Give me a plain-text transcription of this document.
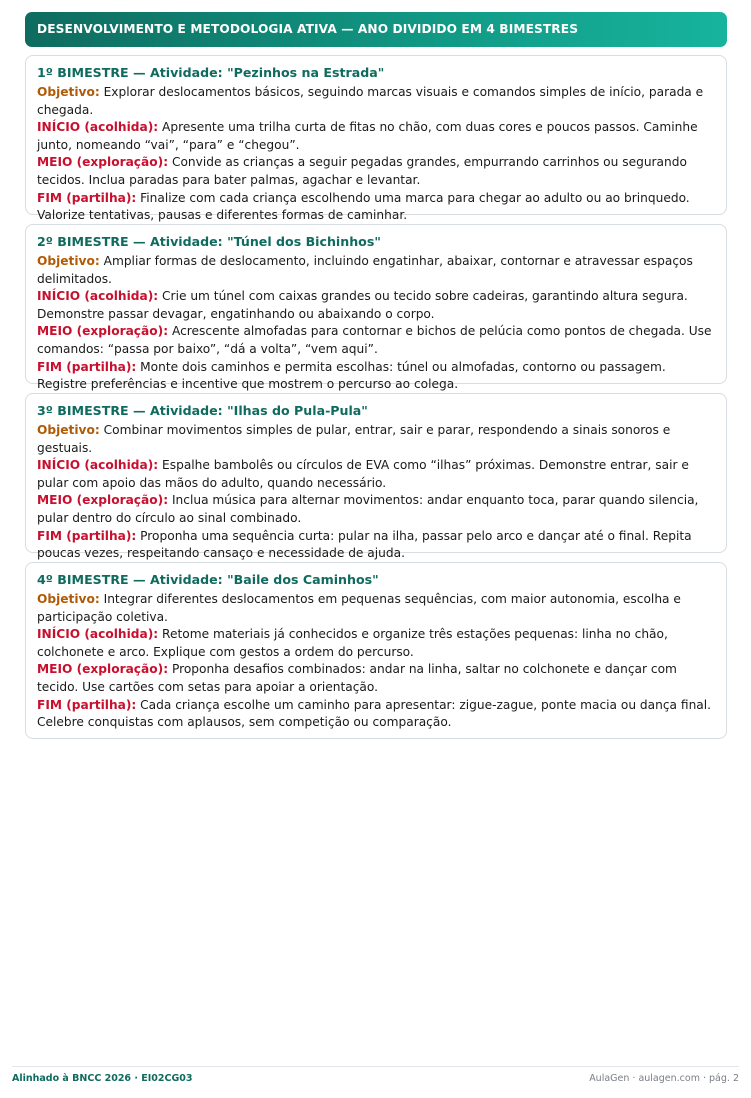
DESENVOLVIMENTO E METODOLOGIA ATIVA — ANO DIVIDIDO EM 4 BIMESTRES
1º BIMESTRE — Atividade: "Pezinhos na Estrada"

Objetivo: Explorar deslocamentos básicos, seguindo marcas visuais e comandos simples de início, parada e chegada.

INÍCIO (acolhida): Apresente uma trilha curta de fitas no chão, com duas cores e poucos passos. Caminhe junto, nomeando “vai”, “para” e “chegou”.

MEIO (exploração): Convide as crianças a seguir pegadas grandes, empurrando carrinhos ou segurando tecidos. Inclua paradas para bater palmas, agachar e levantar.

FIM (partilha): Finalize com cada criança escolhendo uma marca para chegar ao adulto ou ao brinquedo. Valorize tentativas, pausas e diferentes formas de caminhar.

2º BIMESTRE — Atividade: "Túnel dos Bichinhos"

Objetivo: Ampliar formas de deslocamento, incluindo engatinhar, abaixar, contornar e atravessar espaços delimitados.

INÍCIO (acolhida): Crie um túnel com caixas grandes ou tecido sobre cadeiras, garantindo altura segura. Demonstre passar devagar, engatinhando ou abaixando o corpo.

MEIO (exploração): Acrescente almofadas para contornar e bichos de pelúcia como pontos de chegada. Use comandos: “passa por baixo”, “dá a volta”, “vem aqui”.

FIM (partilha): Monte dois caminhos e permita escolhas: túnel ou almofadas, contorno ou passagem. Registre preferências e incentive que mostrem o percurso ao colega.

3º BIMESTRE — Atividade: "Ilhas do Pula-Pula"

Objetivo: Combinar movimentos simples de pular, entrar, sair e parar, respondendo a sinais sonoros e gestuais.

INÍCIO (acolhida): Espalhe bambolês ou círculos de EVA como “ilhas” próximas. Demonstre entrar, sair e pular com apoio das mãos do adulto, quando necessário.

MEIO (exploração): Inclua música para alternar movimentos: andar enquanto toca, parar quando silencia, pular dentro do círculo ao sinal combinado.

FIM (partilha): Proponha uma sequência curta: pular na ilha, passar pelo arco e dançar até o final. Repita poucas vezes, respeitando cansaço e necessidade de ajuda.

4º BIMESTRE — Atividade: "Baile dos Caminhos"

Objetivo: Integrar diferentes deslocamentos em pequenas sequências, com maior autonomia, escolha e participação coletiva.

INÍCIO (acolhida): Retome materiais já conhecidos e organize três estações pequenas: linha no chão, colchonete e arco. Explique com gestos a ordem do percurso.

MEIO (exploração): Proponha desafios combinados: andar na linha, saltar no colchonete e dançar com tecido. Use cartões com setas para apoiar a orientação.

FIM (partilha): Cada criança escolhe um caminho para apresentar: zigue-zague, ponte macia ou dança final. Celebre conquistas com aplausos, sem competição ou comparação.

Alinhado à BNCC 2026 · EI02CG03	AulaGen · aulagen.com · pág. 2
